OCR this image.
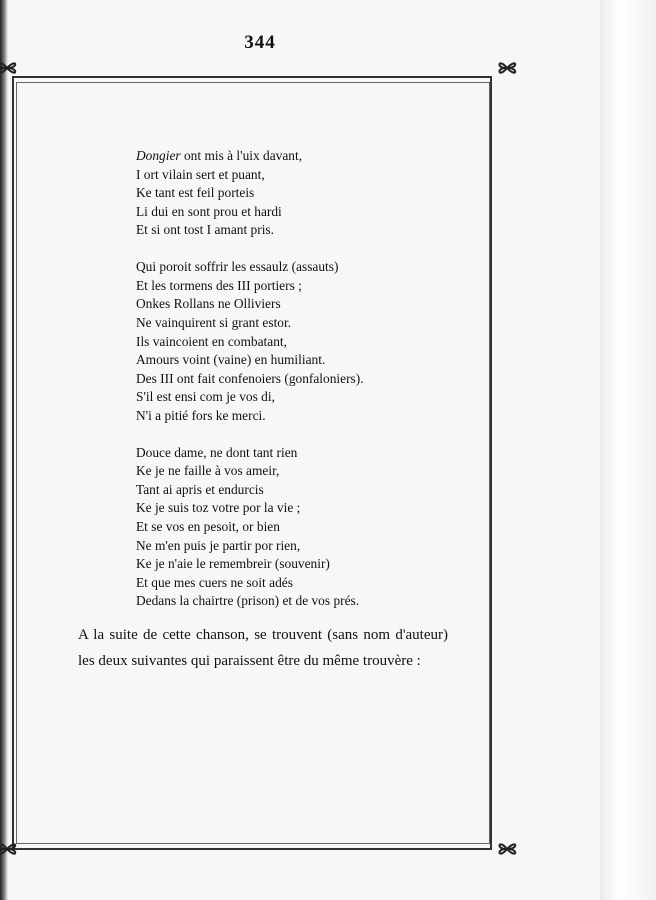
344
Dongier ont mis à l'uix davant,
I ort vilain sert et puant,
Ke tant est feil porteis
Li dui en sont prou et hardi
Et si ont tost I amant pris.
Qui poroit soffrir les essaulz (assauts)
Et les tormens des III portiers ;
Onkes Rollans ne Olliviers
Ne vainquirent si grant estor.
Ils vaincoient en combatant,
Amours voint (vaine) en humiliant.
Des III ont fait confenoiers (gonfaloniers).
S'il est ensi com je vos di,
N'i a pitié fors ke merci.
Douce dame, ne dont tant rien
Ke je ne faille à vos ameir,
Tant ai apris et endurcis
Ke je suis toz votre por la vie ;
Et se vos en pesoit, or bien
Ne m'en puis je partir por rien,
Ke je n'aie le remembreir (souvenir)
Et que mes cuers ne soit adés
Dedans la chairtre (prison) et de vos prés.

A la suite de cette chanson, se trouvent (sans nom d'auteur) les deux suivantes qui paraissent être du même trouvère :
